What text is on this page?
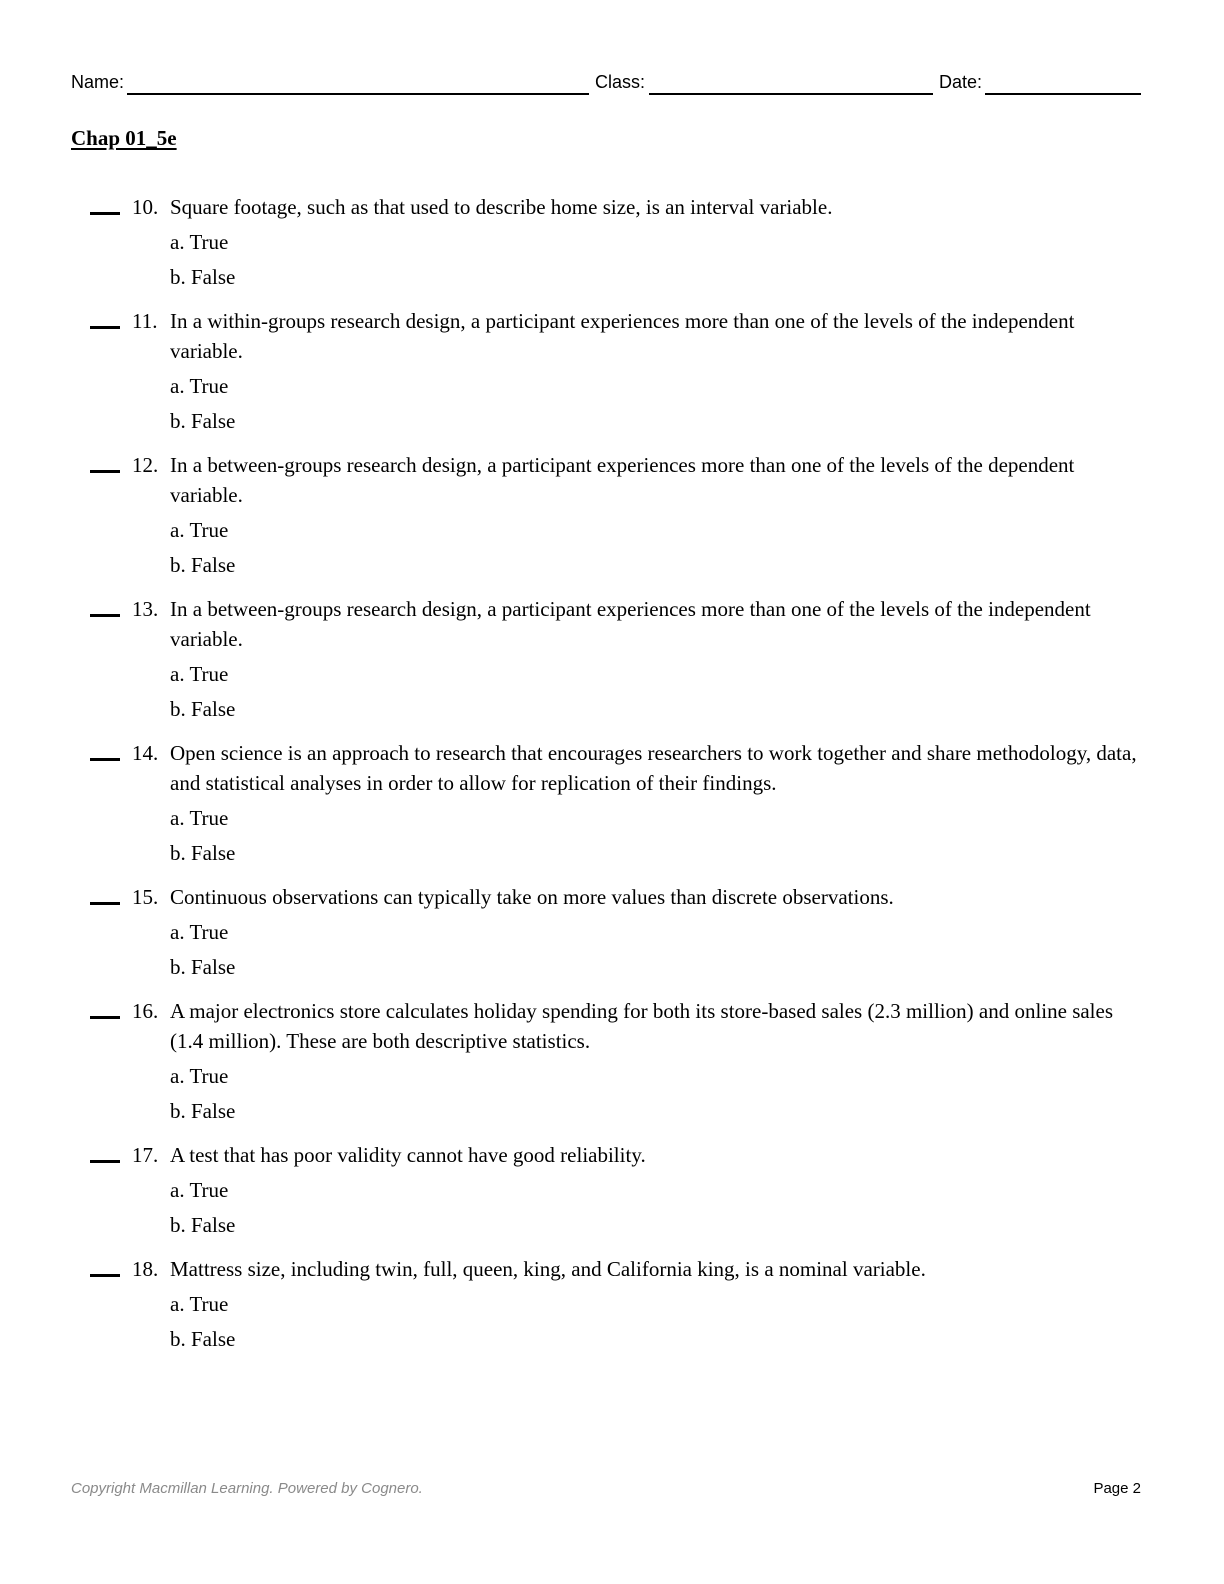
Name:	Class:	Date:
Chap 01_5e
10. Square footage, such as that used to describe home size, is an interval variable.
a. True
b. False
11. In a within-groups research design, a participant experiences more than one of the levels of the independent variable.
a. True
b. False
12. In a between-groups research design, a participant experiences more than one of the levels of the dependent variable.
a. True
b. False
13. In a between-groups research design, a participant experiences more than one of the levels of the independent variable.
a. True
b. False
14. Open science is an approach to research that encourages researchers to work together and share methodology, data, and statistical analyses in order to allow for replication of their findings.
a. True
b. False
15. Continuous observations can typically take on more values than discrete observations.
a. True
b. False
16. A major electronics store calculates holiday spending for both its store-based sales (2.3 million) and online sales (1.4 million). These are both descriptive statistics.
a. True
b. False
17. A test that has poor validity cannot have good reliability.
a. True
b. False
18. Mattress size, including twin, full, queen, king, and California king, is a nominal variable.
a. True
b. False
Copyright Macmillan Learning. Powered by Cognero.	Page 2
